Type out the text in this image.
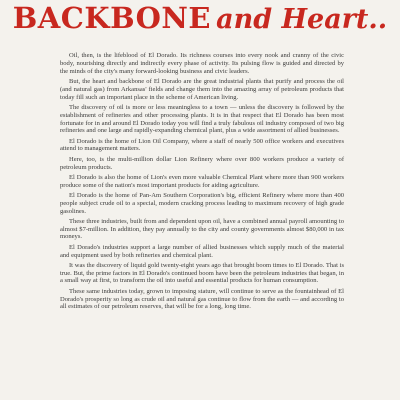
BACKBONE and Heart..

Oil, then, is the lifeblood of El Dorado. Its richness courses into every nook and cranny of the civic body, nourishing directly and indirectly every phase of activity. Its pulsing flow is guided and directed by the minds of the city's many forward-looking business and civic leaders.

But, the heart and backbone of El Dorado are the great industrial plants that purify and process the oil (and natural gas) from Arkansas' fields and change them into the amazing array of petroleum products that today fill such an important place in the scheme of American living.

The discovery of oil is more or less meaningless to a town — unless the discovery is followed by the establishment of refineries and other processing plants. It is in that respect that El Dorado has been most fortunate for in and around El Dorado today you will find a truly fabulous oil industry composed of two big refineries and one large and rapidly-expanding chemical plant, plus a wide assortment of allied businesses.

El Dorado is the home of Lion Oil Company, where a staff of nearly 500 office workers and executives attend to management matters.

Here, too, is the multi-million dollar Lion Refinery where over 800 workers produce a variety of petroleum products.

El Dorado is also the home of Lion's even more valuable Chemical Plant where more than 900 workers produce some of the nation's most important products for aiding agriculture.

El Dorado is the home of Pan-Am Southern Corporation's big, efficient Refinery where more than 400 people subject crude oil to a special, modern cracking process leading to maximum recovery of high grade gasolines.

These three industries, built from and dependent upon oil, have a combined annual payroll amounting to almost $7-million. In addition, they pay annually to the city and county governments almost $80,000 in tax moneys.

El Dorado's industries support a large number of allied businesses which supply much of the material and equipment used by both refineries and chemical plant.

It was the discovery of liquid gold twenty-eight years ago that brought boom times to El Dorado. That is true. But, the prime factors in El Dorado's continued boom have been the petroleum industries that began, in a small way at first, to transform the oil into useful and essential products for human consumption.

These same industries today, grown to imposing stature, will continue to serve as the fountainhead of El Dorado's prosperity so long as crude oil and natural gas continue to flow from the earth — and according to all estimates of our petroleum reserves, that will be for a long, long time.
